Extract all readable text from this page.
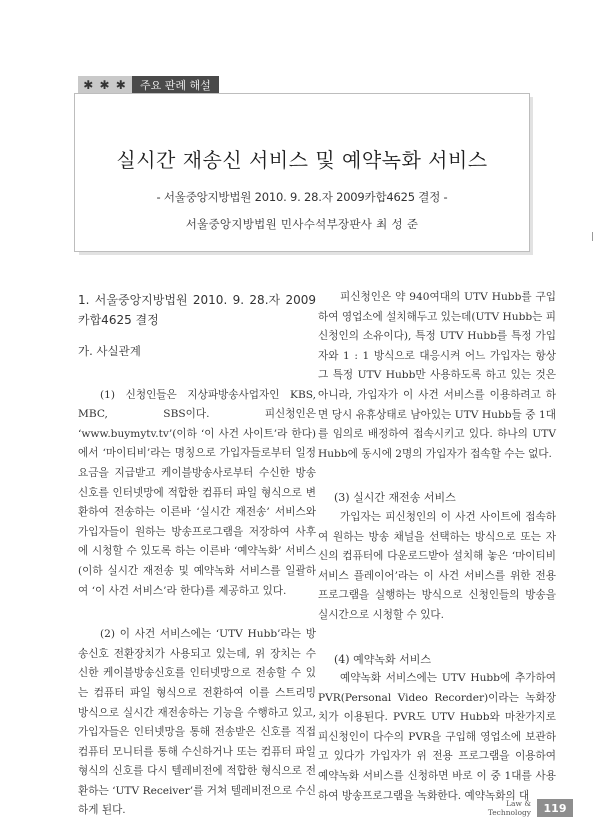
✱ ✱ ✱	주요 판례 해설
실시간 재송신 서비스 및 예약녹화 서비스
- 서울중앙지방법원 2010. 9. 28.자 2009카합4625 결정 -
서울중앙지방법원 민사수석부장판사 최 성 준

1. 서울중앙지방법원 2010. 9. 28.자 2009카합4625 결정

가. 사실관계

(1) 신청인들은 지상파방송사업자인 KBS, MBC, SBS이다. 피신청인은 ‘www.buymytv.tv’(이하 ‘이 사건 사이트’라 한다)에서 ‘마이티비’라는 명칭으로 가입자들로부터 일정 요금을 지급받고 케이블방송사로부터 수신한 방송신호를 인터넷망에 적합한 컴퓨터 파일 형식으로 변환하여 전송하는 이른바 ‘실시간 재전송’ 서비스와 가입자들이 원하는 방송프로그램을 저장하여 사후에 시청할 수 있도록 하는 이른바 ‘예약녹화’ 서비스(이하 실시간 재전송 및 예약녹화 서비스를 일괄하여 ‘이 사건 서비스’라 한다)를 제공하고 있다.

(2) 이 사건 서비스에는 ‘UTV Hubb’라는 방송신호 전환장치가 사용되고 있는데, 위 장치는 수신한 케이블방송신호를 인터넷망으로 전송할 수 있는 컴퓨터 파일 형식으로 전환하여 이를 스트리밍 방식으로 실시간 재전송하는 기능을 수행하고 있고, 가입자들은 인터넷망을 통해 전송받은 신호를 직접 컴퓨터 모니터를 통해 수신하거나 또는 컴퓨터 파일 형식의 신호를 다시 텔레비전에 적합한 형식으로 전환하는 ‘UTV Receiver’를 거쳐 텔레비전으로 수신하게 된다.

피신청인은 약 940여대의 UTV Hubb를 구입하여 영업소에 설치해두고 있는데(UTV Hubb는 피신청인의 소유이다), 특정 UTV Hubb를 특정 가입자와 1 : 1 방식으로 대응시켜 어느 가입자는 항상 그 특정 UTV Hubb만 사용하도록 하고 있는 것은 아니라, 가입자가 이 사건 서비스를 이용하려고 하면 당시 유휴상태로 남아있는 UTV Hubb들 중 1대를 임의로 배정하여 접속시키고 있다. 하나의 UTV Hubb에 동시에 2명의 가입자가 접속할 수는 없다.

(3) 실시간 재전송 서비스

가입자는 피신청인의 이 사건 사이트에 접속하여 원하는 방송 채널을 선택하는 방식으로 또는 자신의 컴퓨터에 다운로드받아 설치해 놓은 ‘마이티비 서비스 플레이어’라는 이 사건 서비스를 위한 전용 프로그램을 실행하는 방식으로 신청인들의 방송을 실시간으로 시청할 수 있다.

(4) 예약녹화 서비스

예약녹화 서비스에는 UTV Hubb에 추가하여 PVR(Personal Video Recorder)이라는 녹화장치가 이용된다. PVR도 UTV Hubb와 마찬가지로 피신청인이 다수의 PVR을 구입해 영업소에 보관하고 있다가 가입자가 위 전용 프로그램을 이용하여 예약녹화 서비스를 신청하면 바로 이 중 1대를 사용하여 방송프로그램을 녹화한다. 예약녹화의 대

Law & Technology	119
